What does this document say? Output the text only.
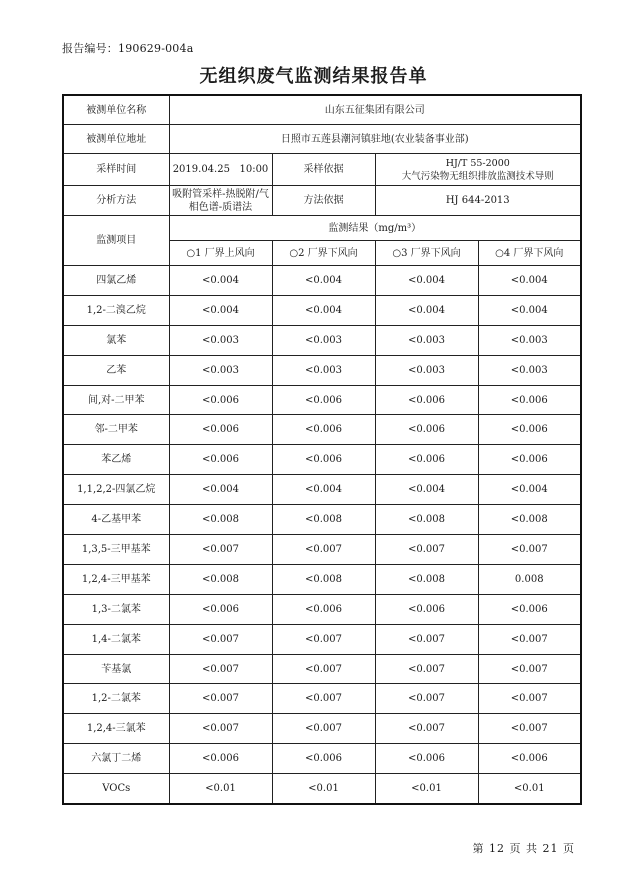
报告编号：190629-004a
无组织废气监测结果报告单
被测单位名称	山东五征集团有限公司			
被测单位地址	日照市五莲县潮河镇驻地(农业装备事业部)			
采样时间	2019.04.25   10:00	采样依据	HJ/T 55-2000
大气污染物无组织排放监测技术导则	

分析方法	吸附管采样-热脱附/气相色谱-质谱法	方法依据	HJ 644-2013	
监测项目	监测结果（mg/m³）			
	○1 厂界上风向	○2 厂界下风向	○3 厂界下风向	○4 厂界下风向
四氯乙烯	<0.004	<0.004	<0.004	<0.004
1,2-二溴乙烷	<0.004	<0.004	<0.004	<0.004
氯苯	<0.003	<0.003	<0.003	<0.003
乙苯	<0.003	<0.003	<0.003	<0.003
间,对-二甲苯	<0.006	<0.006	<0.006	<0.006
邻-二甲苯	<0.006	<0.006	<0.006	<0.006
苯乙烯	<0.006	<0.006	<0.006	<0.006
1,1,2,2-四氯乙烷	<0.004	<0.004	<0.004	<0.004
4-乙基甲苯	<0.008	<0.008	<0.008	<0.008
1,3,5-三甲基苯	<0.007	<0.007	<0.007	<0.007
1,2,4-三甲基苯	<0.008	<0.008	<0.008	0.008
1,3-二氯苯	<0.006	<0.006	<0.006	<0.006
1,4-二氯苯	<0.007	<0.007	<0.007	<0.007
苄基氯	<0.007	<0.007	<0.007	<0.007
1,2-二氯苯	<0.007	<0.007	<0.007	<0.007
1,2,4-三氯苯	<0.007	<0.007	<0.007	<0.007
六氯丁二烯	<0.006	<0.006	<0.006	<0.006
VOCs	<0.01	<0.01	<0.01	<0.01
第 12 页 共 21 页
